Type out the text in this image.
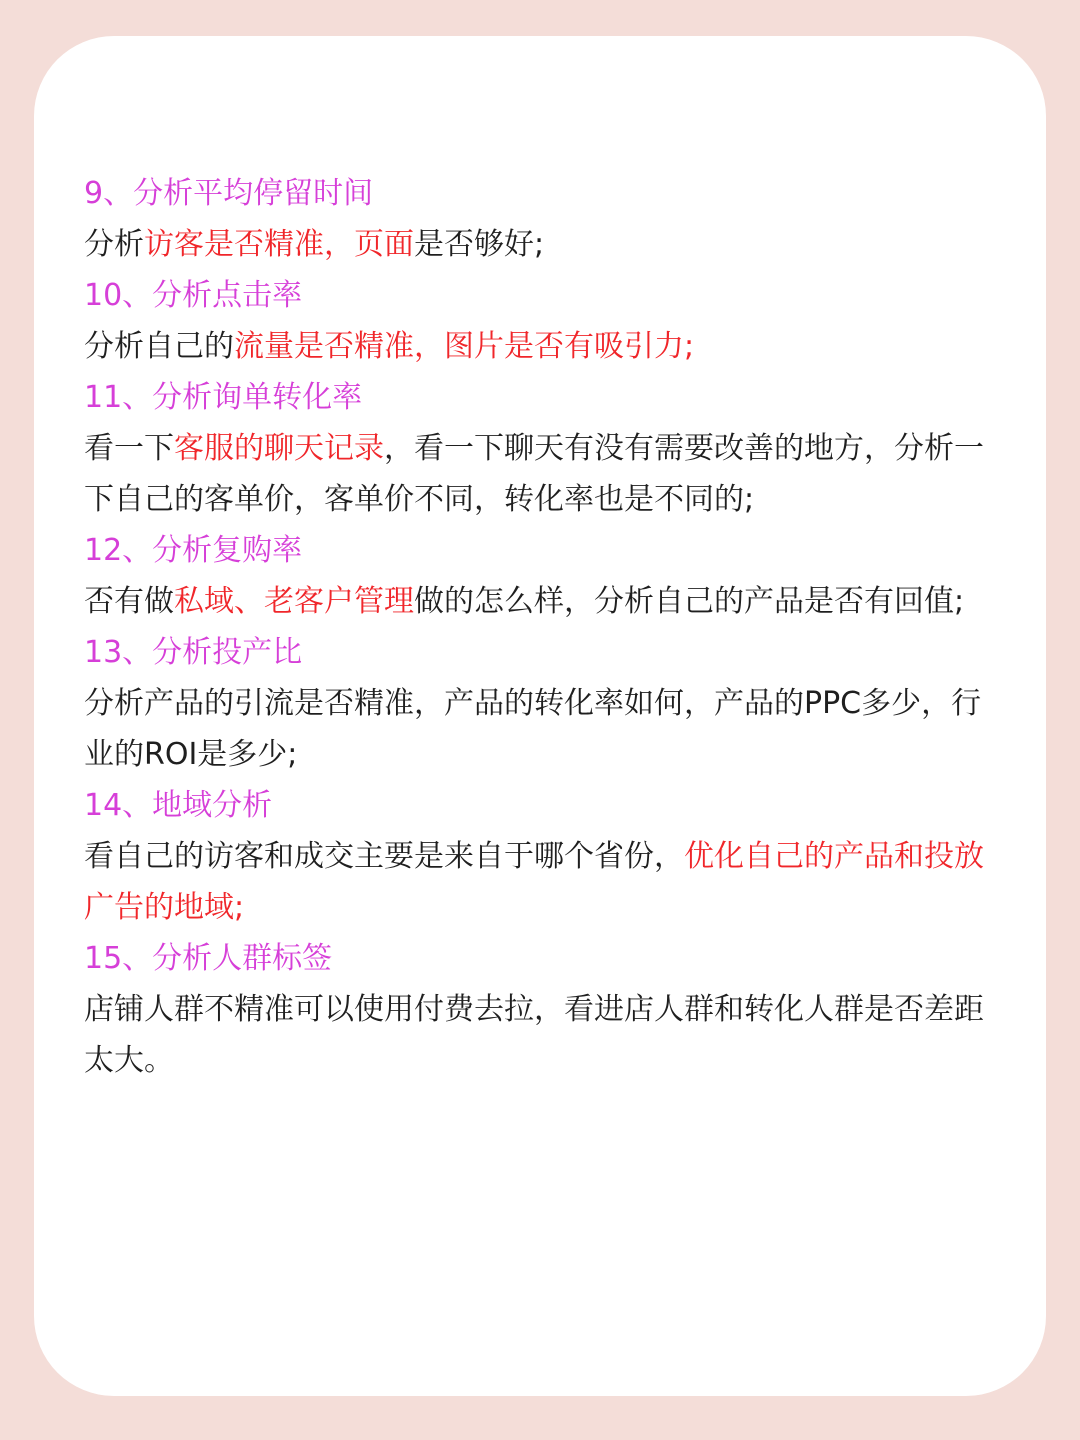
9、分析平均停留时间

分析访客是否精准，页面是否够好;

10、分析点击率

分析自己的流量是否精准，图片是否有吸引力;

11、分析询单转化率

看一下客服的聊天记录，看一下聊天有没有需要改善的地方，分析一下自己的客单价，客单价不同，转化率也是不同的;

12、分析复购率

否有做私域、老客户管理做的怎么样，分析自己的产品是否有回值;

13、分析投产比

分析产品的引流是否精准，产品的转化率如何，产品的PPC多少，行业的ROI是多少;

14、地域分析

看自己的访客和成交主要是来自于哪个省份，优化自己的产品和投放广告的地域;

15、分析人群标签

店铺人群不精准可以使用付费去拉，看进店人群和转化人群是否差距太大。
